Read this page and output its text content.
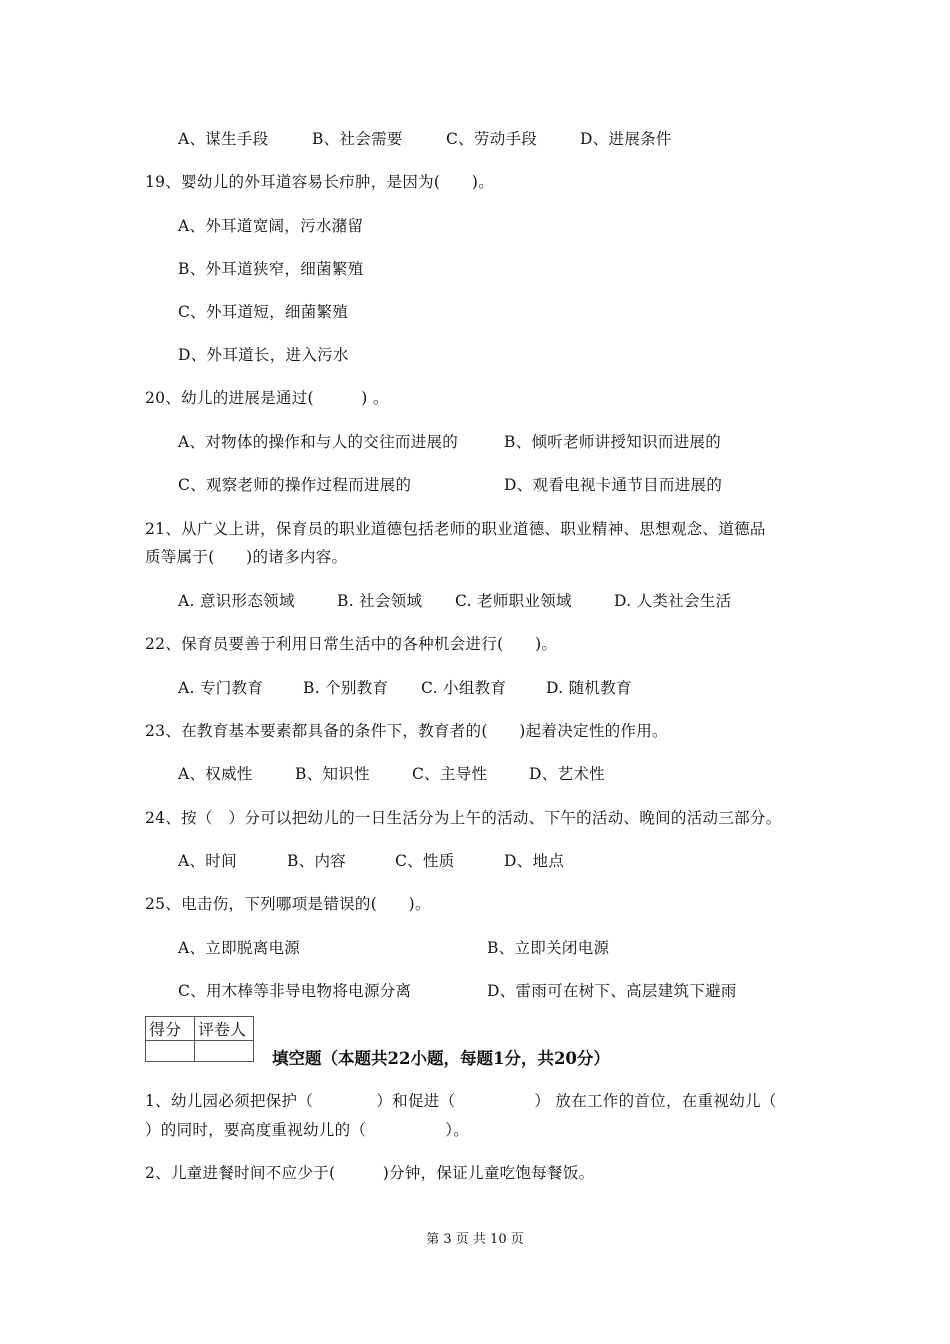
A、谋生手段	B、社会需要	C、劳动手段	D、进展条件
19、婴幼儿的外耳道容易长疖肿，是因为(　　)。
A、外耳道宽阔，污水潴留
B、外耳道狭窄，细菌繁殖
C、外耳道短，细菌繁殖
D、外耳道长，进入污水
20、幼儿的进展是通过(　　　) 。
A、对物体的操作和与人的交往而进展的	B、倾听老师讲授知识而进展的
C、观察老师的操作过程而进展的	D、观看电视卡通节目而进展的
21、从广义上讲，保育员的职业道德包括老师的职业道德、职业精神、思想观念、道德品
质等属于(　　)的诸多内容。
A. 意识形态领域	B. 社会领域 C. 老师职业领域	D. 人类社会生活
22、保育员要善于利用日常生活中的各种机会进行(　　)。
A. 专门教育	B. 个别教育 C. 小组教育	D. 随机教育
23、在教育基本要素都具备的条件下，教育者的(　　)起着决定性的作用。
A、权威性	B、知识性	C、主导性	D、艺术性
24、按（　）分可以把幼儿的一日生活分为上午的活动、下午的活动、晚间的活动三部分。
A、时间	B、内容	C、性质	D、地点
25、电击伤，下列哪项是错误的(　　)。
A、立即脱离电源	B、立即关闭电源
C、用木棒等非导电物将电源分离	D、雷雨可在树下、高层建筑下避雨
得分	评卷人

填空题（本题共22小题，每题1分，共20分）
1、幼儿园必须把保护（　　　　）和促进（　　　　　） 放在工作的首位，在重视幼儿（
）的同时，要高度重视幼儿的（　　　　　）。
2、儿童进餐时间不应少于(　　　)分钟，保证儿童吃饱每餐饭。
第 3 页 共 10 页
